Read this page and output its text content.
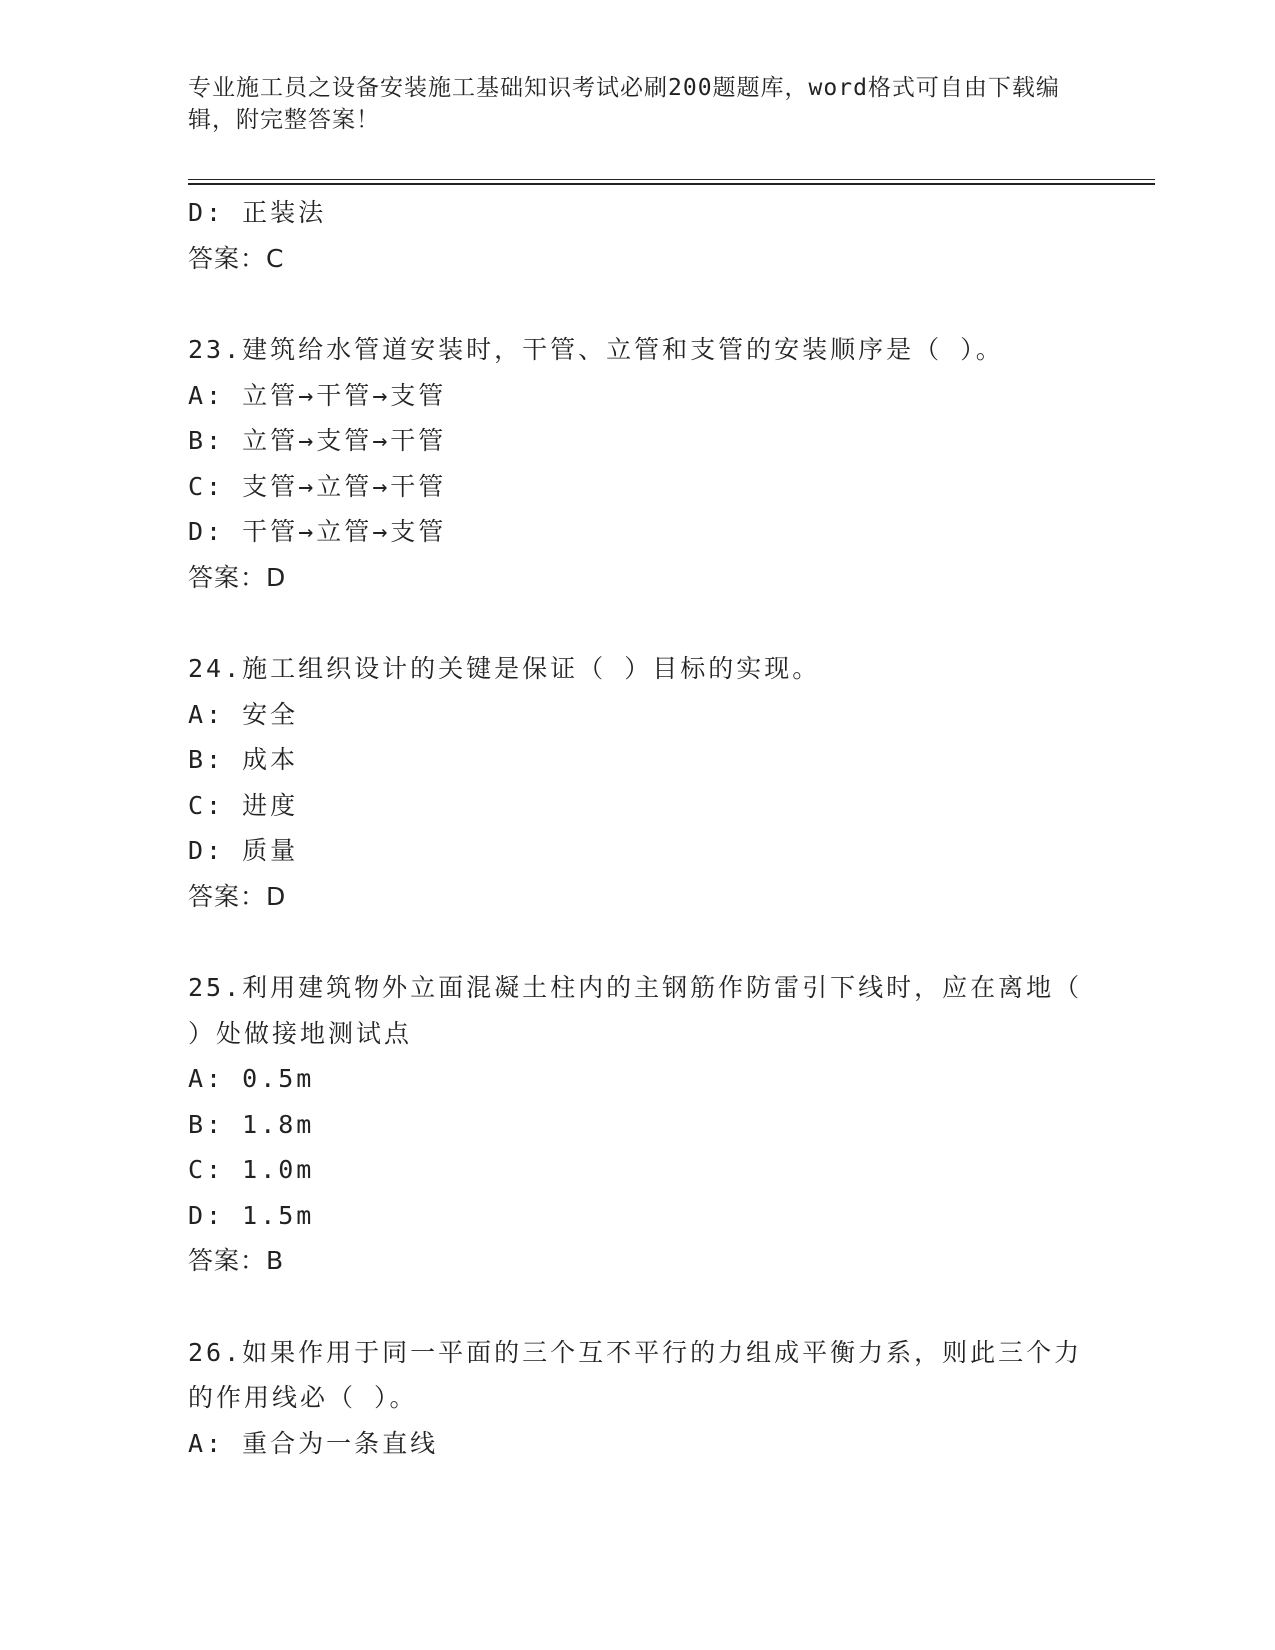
专业施工员之设备安装施工基础知识考试必刷200题题库，word格式可自由下载编辑，附完整答案！
D: 正装法
答案：C
23.建筑给水管道安装时，干管、立管和支管的安装顺序是（ ）。
A: 立管→干管→支管
B: 立管→支管→干管
C: 支管→立管→干管
D: 干管→立管→支管
答案：D
24.施工组织设计的关键是保证（ ）目标的实现。
A: 安全
B: 成本
C: 进度
D: 质量
答案：D
25.利用建筑物外立面混凝土柱内的主钢筋作防雷引下线时，应在离地（ ）处做接地测试点
A: 0.5m
B: 1.8m
C: 1.0m
D: 1.5m
答案：B
26.如果作用于同一平面的三个互不平行的力组成平衡力系，则此三个力的作用线必（ ）。
A: 重合为一条直线
